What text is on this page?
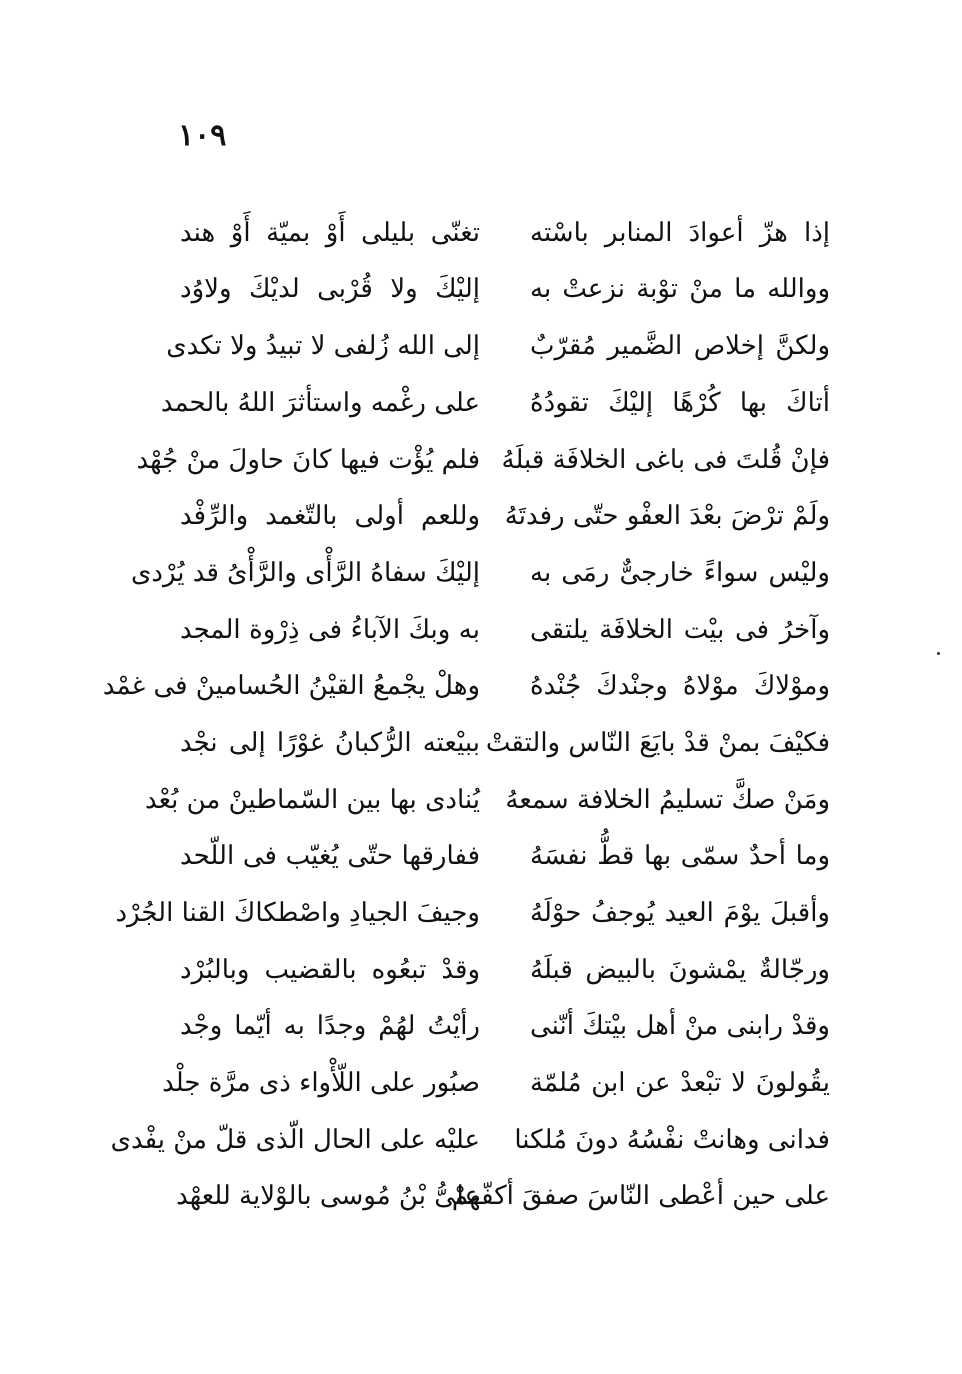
١٠٩
إذا هزّ أعوادَ المنابر باسْته
تغنّى بليلى أَوْ بميّة أَوْ هند
ووالله ما منْ توْبة نزعتْ به
إليْكَ ولا قُرْبى لديْكَ ولاوُد
ولكنَّ إخلاص الضَّمير مُقرّبٌ
إلى الله زُلفى لا تبيدُ ولا تكدى
أتاكَ بها كُرْهًا إليْكَ تقودُهُ
على رغْمه واستأثرَ اللهُ بالحمد
فإنْ قُلتَ فى باغى الخلافَة قبلَهُ
فلم يُؤْت فيها كانَ حاولَ منْ جُهْد
ولَمْ ترْضَ بعْدَ العفْو حتّى رفدتَهُ
وللعم أولى بالتّغمد والرِّفْد
وليْس سواءً خارجىٌّ رمَى به
إليْكَ سفاهُ الرَّأْى والرَّأْىُ قد يُرْدى
وآخرُ فى بيْت الخلافَة يلتقى
به وبكَ الآباءُ فى ذِرْوة المجد
وموْلاكَ موْلاهُ وجنْدكَ جُنْدهُ
وهلْ يجْمعُ القيْنُ الحُسامينْ فى غمْد
فكيْفَ بمنْ قدْ بايَعَ النّاس والتقتْ
ببيْعته الرُّكبانُ غوْرًا إلى نجْد
ومَنْ صكَّ تسليمُ الخلافة سمعهُ
يُنادى بها بين السّماطينْ من بُعْد
وما أحدٌ سمّى بها قطُّ نفسَهُ
ففارقها حتّى يُغيّب فى اللّحد
وأقبلَ يوْمَ العيد يُوجفُ حوْلَهُ
وجيفَ الجيادِ واصْطكاكَ القنا الجُرْد
ورجّالةٌ يمْشونَ بالبيض قبلَهُ
وقدْ تبعُوه بالقضيب وبالبُرْد
وقدْ رابنى منْ أهل بيْتكَ أنّنى
رأيْتُ لهُمْ وجدًا به أيّما وجْد
يقُولونَ لا تبْعدْ عن ابن مُلمّة
صبُور على اللّأْواء ذى مرَّة جلْد
فدانى وهانتْ نفْسُهُ دونَ مُلكنا
عليْه على الحال الّذى قلّ منْ يفْدى
على حين أعْطى النّاسَ صفقَ أكفّهمْ
علىُّ بْنُ مُوسى بالوْلاية للعهْد
